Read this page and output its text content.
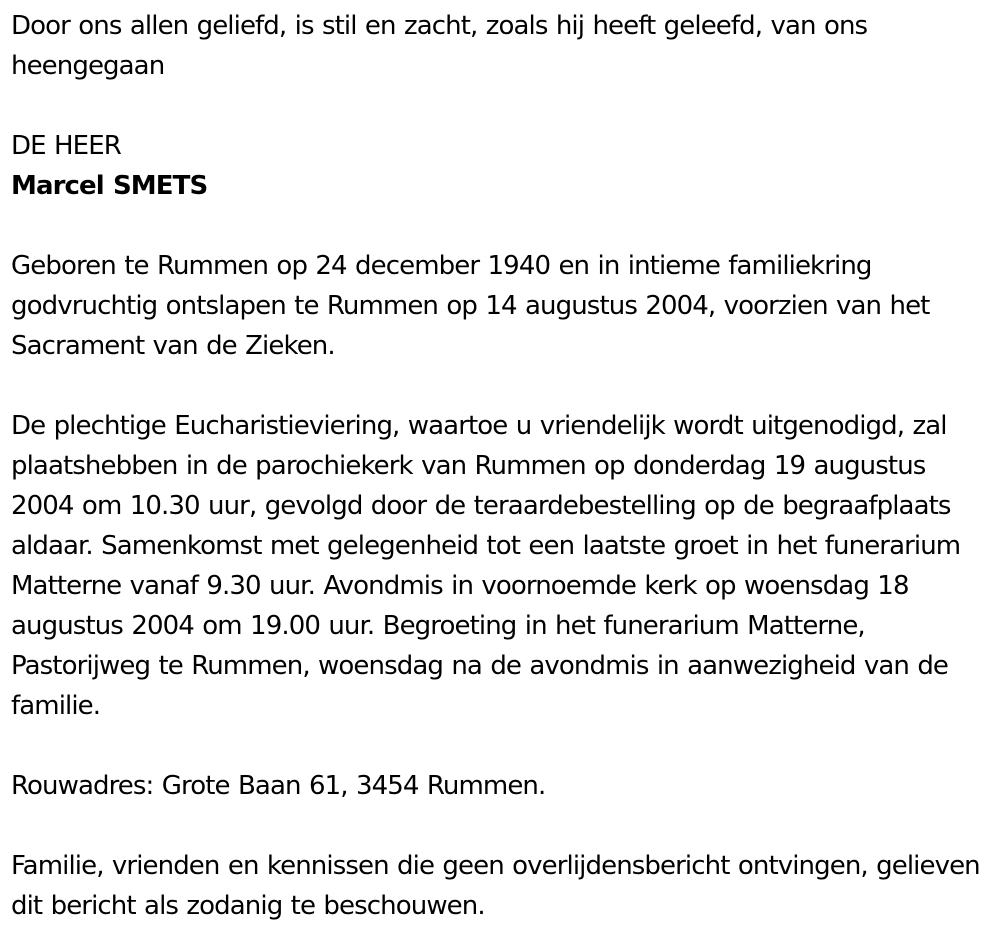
Door ons allen geliefd, is stil en zacht, zoals hij heeft geleefd, van ons heengegaan

DE HEER

Marcel SMETS

Geboren te Rummen op 24 december 1940 en in intieme familiekring godvruchtig ontslapen te Rummen op 14 augustus 2004, voorzien van het Sacrament van de Zieken.

De plechtige Eucharistieviering, waartoe u vriendelijk wordt uitgenodigd, zal plaatshebben in de parochiekerk van Rummen op donderdag 19 augustus 2004 om 10.30 uur, gevolgd door de teraardebestelling op de begraafplaats aldaar. Samenkomst met gelegenheid tot een laatste groet in het funerarium Matterne vanaf 9.30 uur. Avondmis in voornoemde kerk op woensdag 18 augustus 2004 om 19.00 uur. Begroeting in het funerarium Matterne, Pastorijweg te Rummen, woensdag na de avondmis in aanwezigheid van de familie.

Rouwadres: Grote Baan 61, 3454 Rummen.

Familie, vrienden en kennissen die geen overlijdensbericht ontvingen, gelieven dit bericht als zodanig te beschouwen.
